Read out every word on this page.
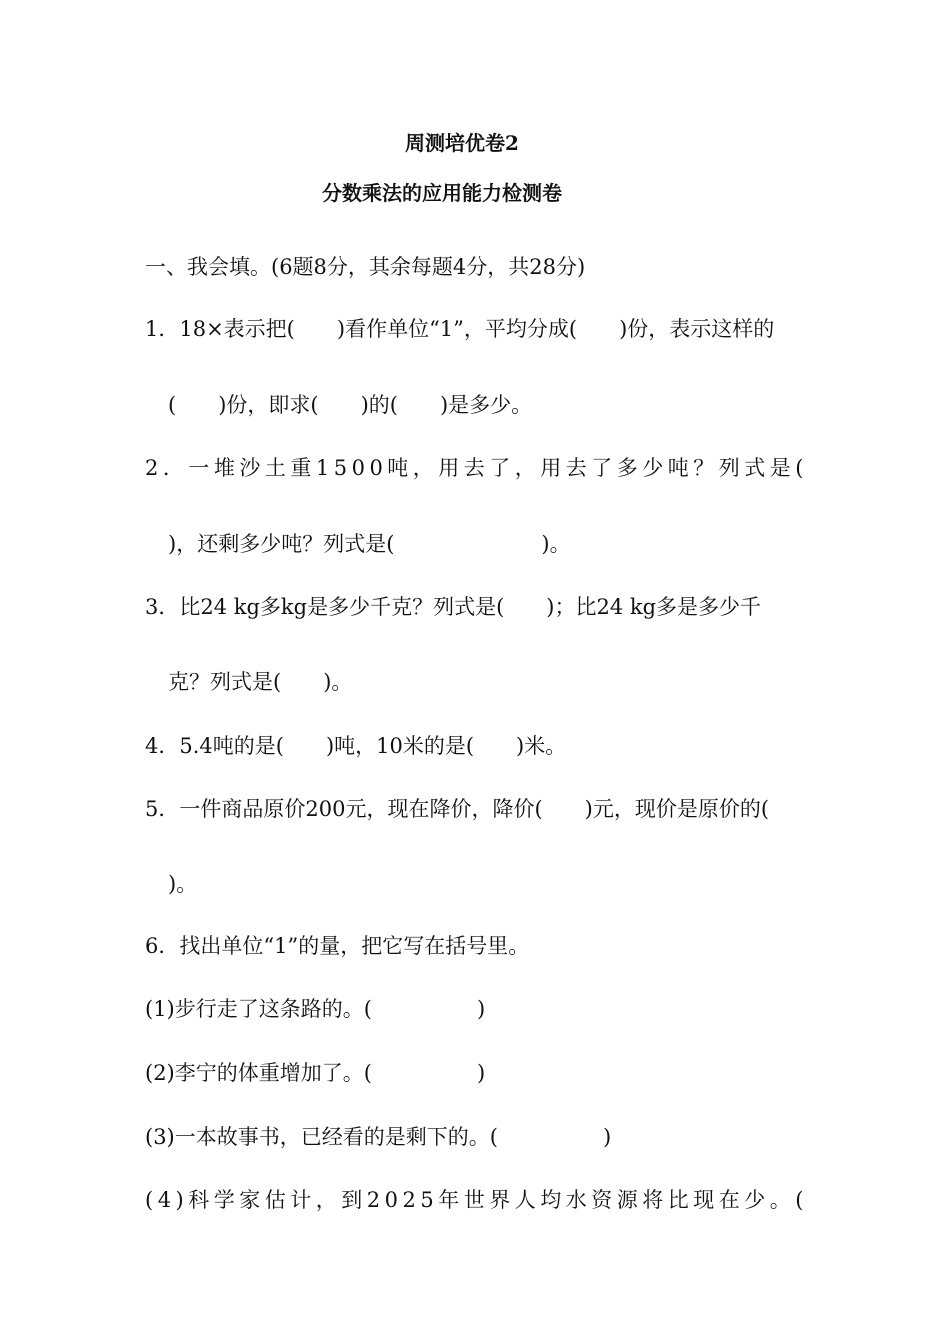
周测培优卷2
分数乘法的应用能力检测卷
一、我会填。(6题8分，其余每题4分，共28分)
1．18×表示把(　　)看作单位“1”，平均分成(　　)份，表示这样的
(　　)份，即求(　　)的(　　)是多少。
2．一堆沙土重1500吨，用去了，用去了多少吨？列式是(
)，还剩多少吨？列式是(　　　　　　　)。
3．比24 kg多kg是多少千克？列式是(　　)；比24 kg多是多少千
克？列式是(　　)。
4．5.4吨的是(　　)吨，10米的是(　　)米。
5．一件商品原价200元，现在降价，降价(　　)元，现价是原价的(
)。
6．找出单位“1”的量，把它写在括号里。
(1)步行走了这条路的。(　　　　　)
(2)李宁的体重增加了。(　　　　　)
(3)一本故事书，已经看的是剩下的。(　　　　　)
(4)科学家估计，到2025年世界人均水资源将比现在少。(
